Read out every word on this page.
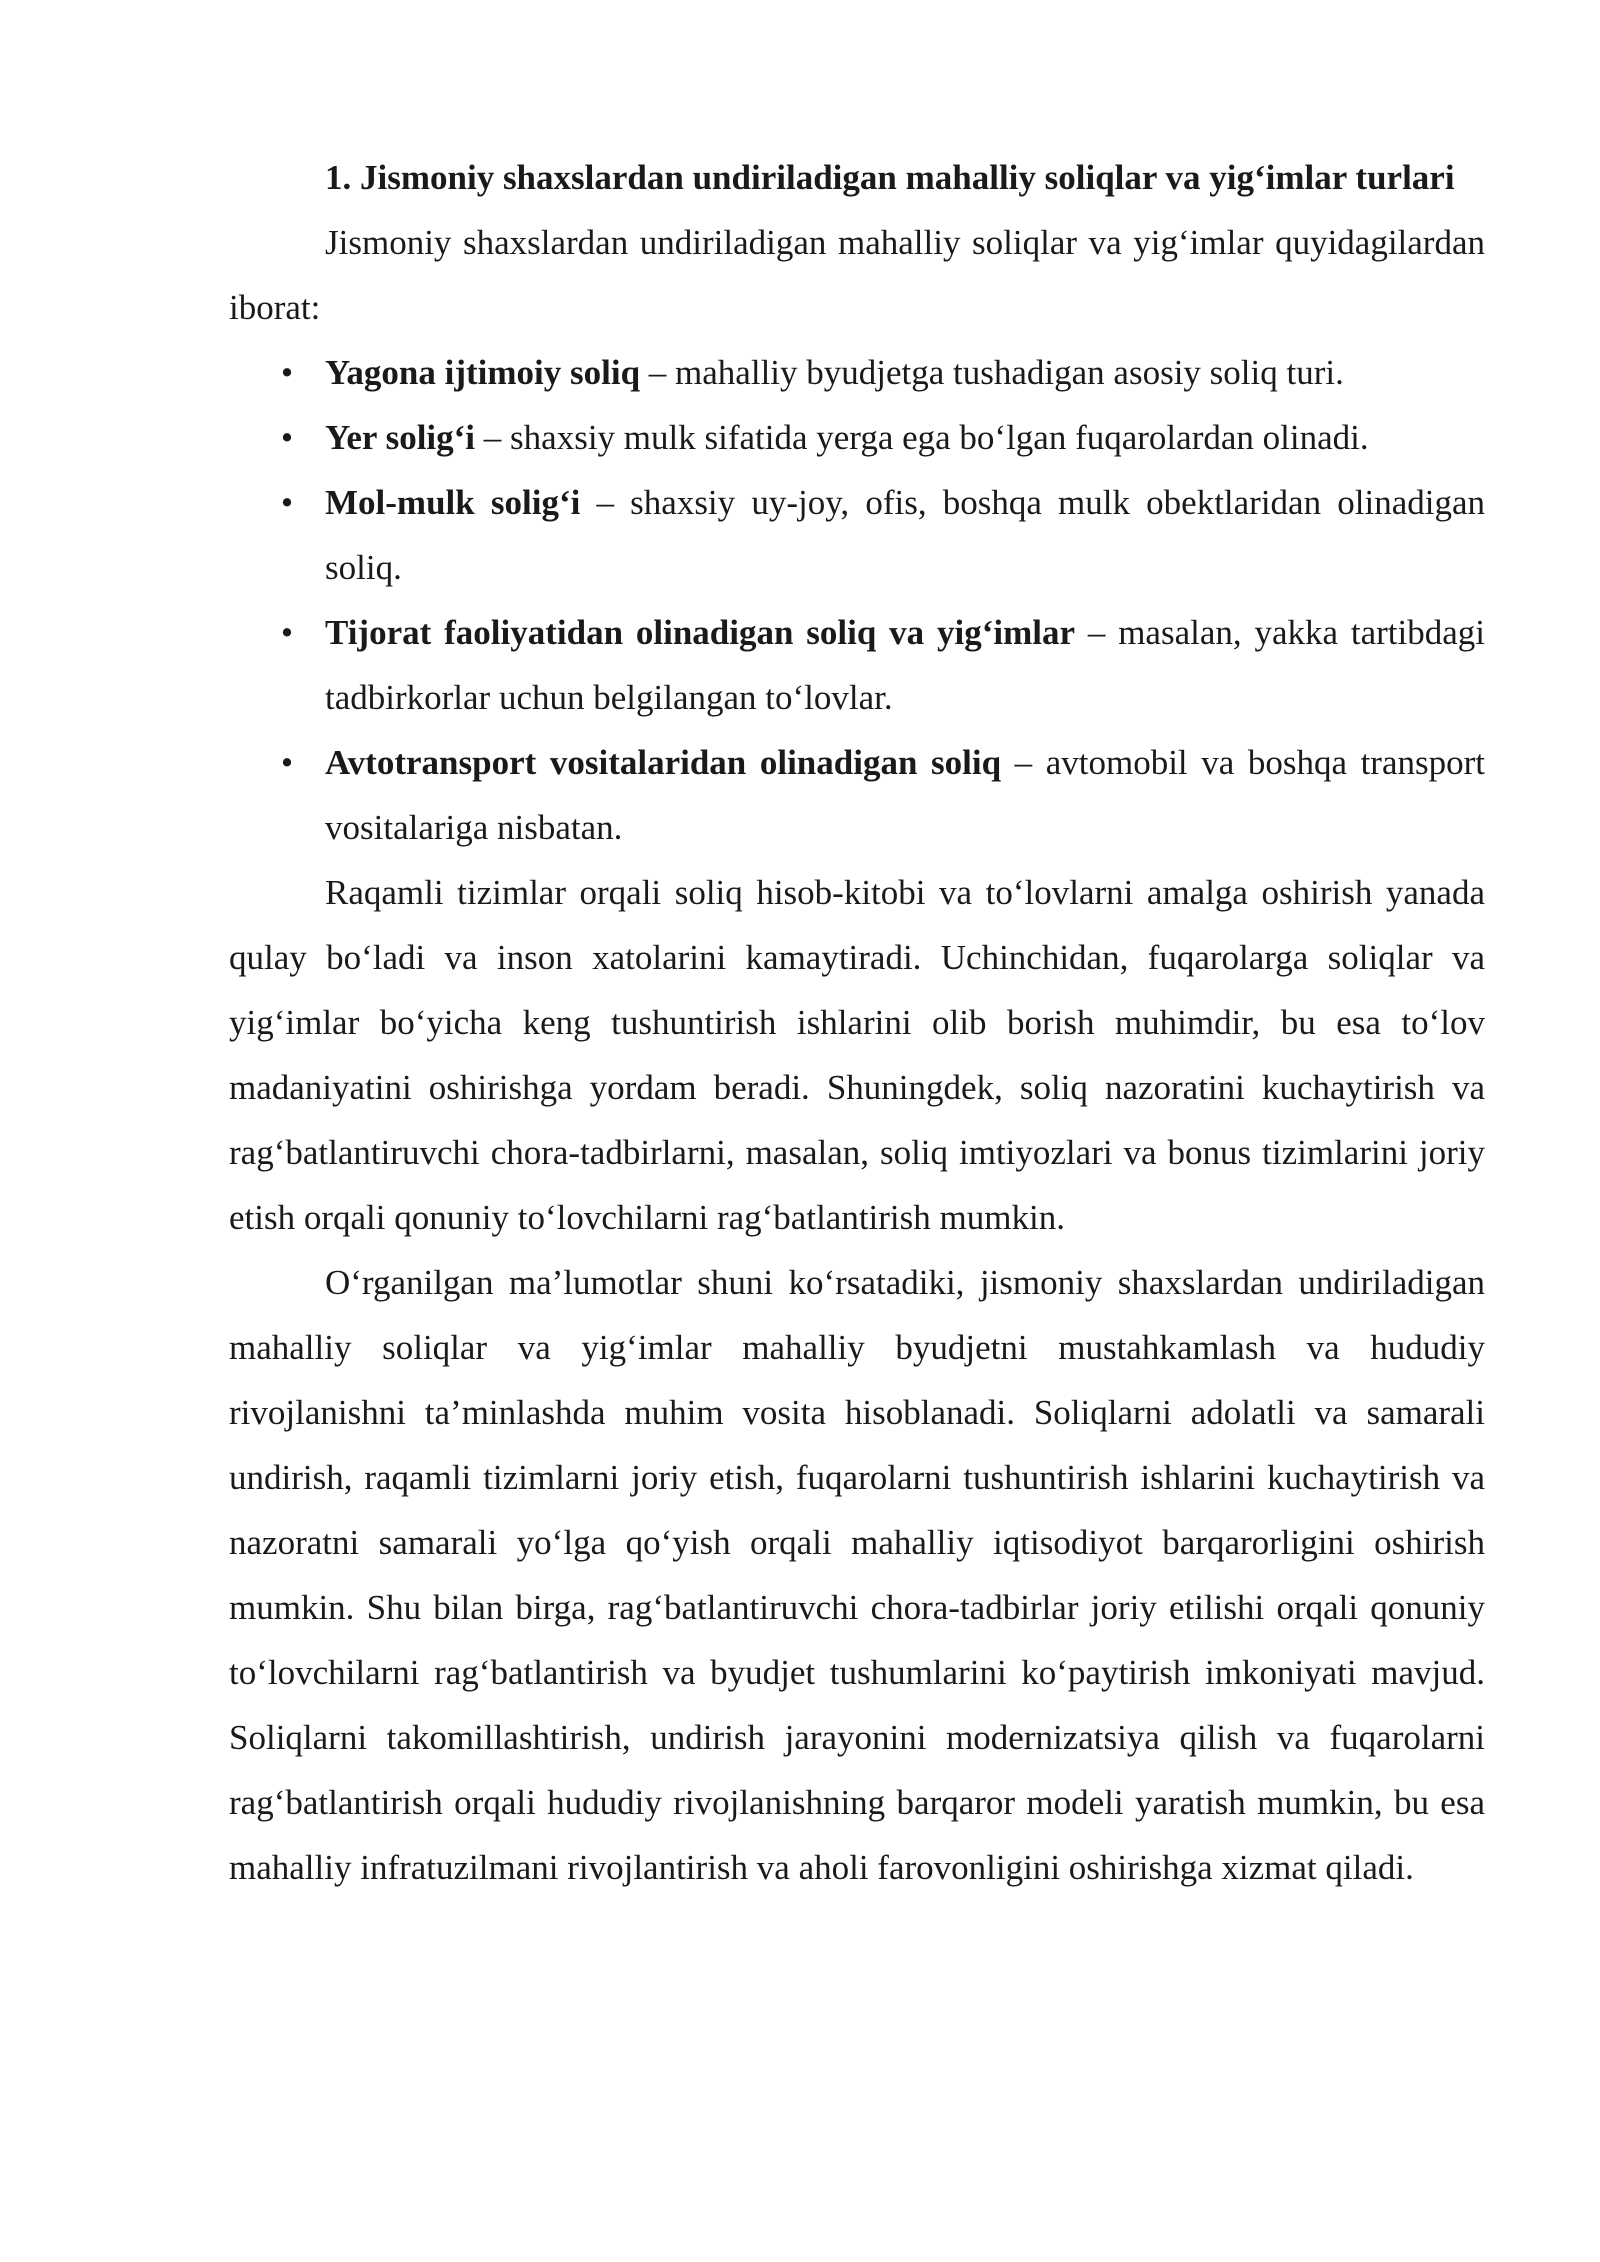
1. Jismoniy shaxslardan undiriladigan mahalliy soliqlar va yig‘imlar turlari

Jismoniy shaxslardan undiriladigan mahalliy soliqlar va yig‘imlar quyidagilardan iborat:

• Yagona ijtimoiy soliq – mahalliy byudjetga tushadigan asosiy soliq turi.
• Yer solig‘i – shaxsiy mulk sifatida yerga ega bo‘lgan fuqarolardan olinadi.
• Mol-mulk solig‘i – shaxsiy uy-joy, ofis, boshqa mulk obektlaridan olinadigan soliq.
• Tijorat faoliyatidan olinadigan soliq va yig‘imlar – masalan, yakka tartibdagi tadbirkorlar uchun belgilangan to‘lovlar.
• Avtotransport vositalaridan olinadigan soliq – avtomobil va boshqa transport vositalariga nisbatan.

Raqamli tizimlar orqali soliq hisob-kitobi va to‘lovlarni amalga oshirish yanada qulay bo‘ladi va inson xatolarini kamaytiradi. Uchinchidan, fuqarolarga soliqlar va yig‘imlar bo‘yicha keng tushuntirish ishlarini olib borish muhimdir, bu esa to‘lov madaniyatini oshirishga yordam beradi. Shuningdek, soliq nazoratini kuchaytirish va rag‘batlantiruvchi chora-tadbirlarni, masalan, soliq imtiyozlari va bonus tizimlarini joriy etish orqali qonuniy to‘lovchilarni rag‘batlantirish mumkin.

O‘rganilgan ma’lumotlar shuni ko‘rsatadiki, jismoniy shaxslardan undiriladigan mahalliy soliqlar va yig‘imlar mahalliy byudjetni mustahkamlash va hududiy rivojlanishni ta’minlashda muhim vosita hisoblanadi. Soliqlarni adolatli va samarali undirish, raqamli tizimlarni joriy etish, fuqarolarni tushuntirish ishlarini kuchaytirish va nazoratni samarali yo‘lga qo‘yish orqali mahalliy iqtisodiyot barqarorligini oshirish mumkin. Shu bilan birga, rag‘batlantiruvchi chora-tadbirlar joriy etilishi orqali qonuniy to‘lovchilarni rag‘batlantirish va byudjet tushumlarini ko‘paytirish imkoniyati mavjud. Soliqlarni takomillashtirish, undirish jarayonini modernizatsiya qilish va fuqarolarni rag‘batlantirish orqali hududiy rivojlanishning barqaror modeli yaratish mumkin, bu esa mahalliy infratuzilmani rivojlantirish va aholi farovonligini oshirishga xizmat qiladi.
